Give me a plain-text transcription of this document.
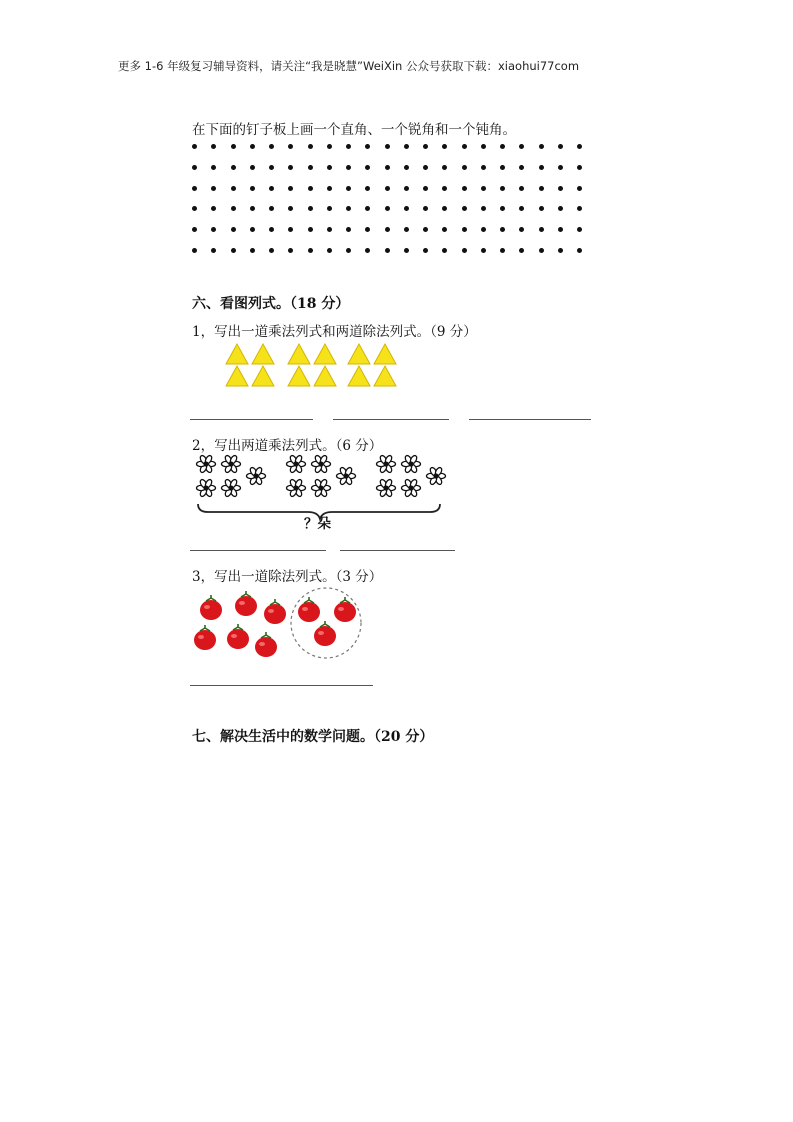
更多 1-6 年级复习辅导资料，请关注“我是晓慧”WeiXin 公众号获取下载：xiaohui77com
在下面的钉子板上画一个直角、一个锐角和一个钝角。
六、看图列式。（18 分）
1，写出一道乘法列式和两道除法列式。（9 分）
2，写出两道乘法列式。（6 分）
？朵
3，写出一道除法列式。（3 分）
七、解决生活中的数学问题。（20 分）
